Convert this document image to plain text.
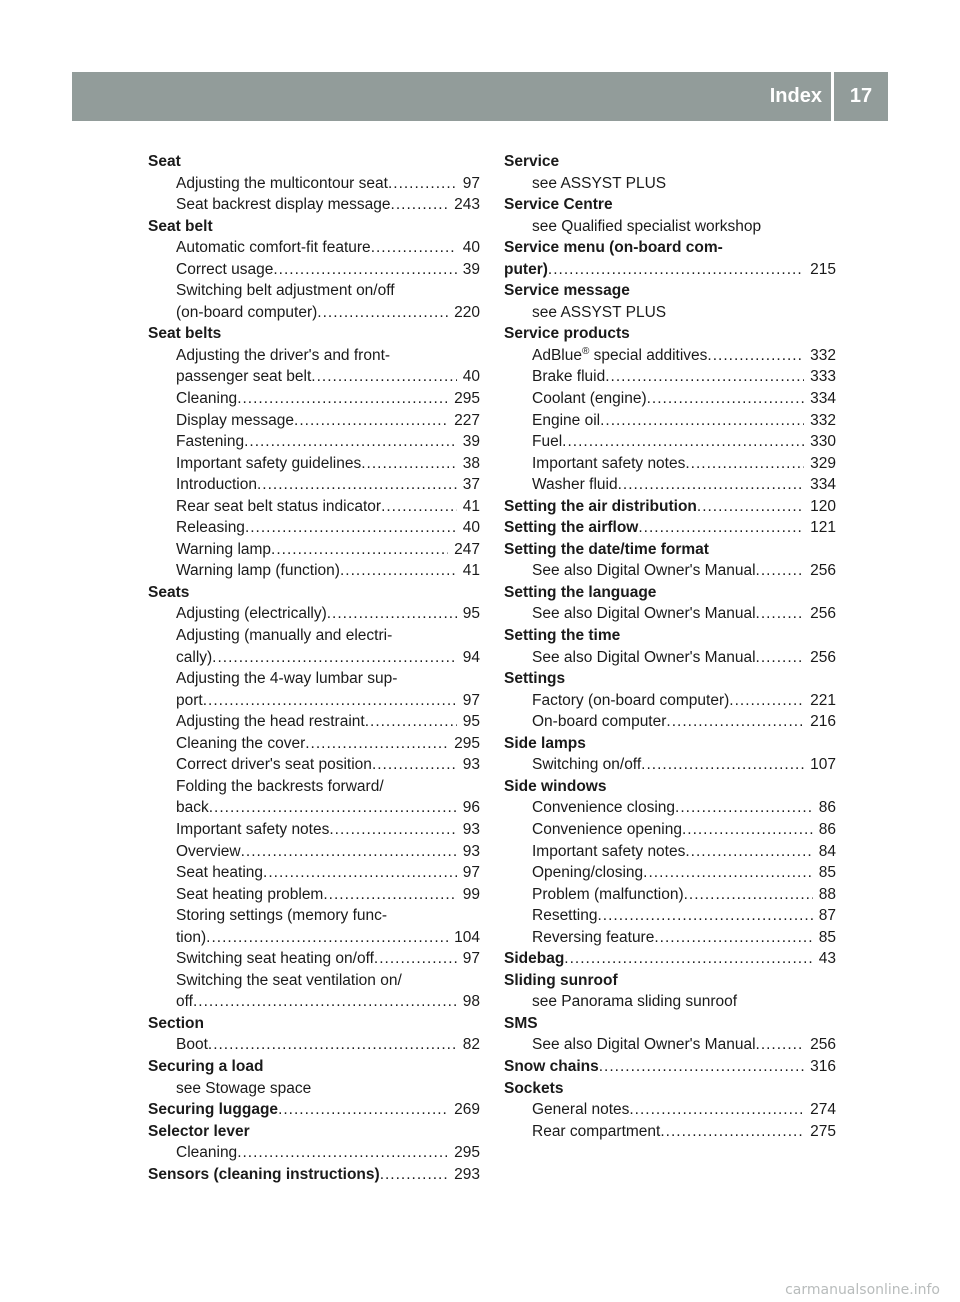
Index	17
Seat
Adjusting the multicontour seat .....	97
Seat backrest display message .....	243
Seat belt
Automatic comfort-fit feature .....	40
Correct usage .....	39
Switching belt adjustment on/off
(on-board computer) .....	220
Seat belts
Adjusting the driver's and front-
passenger seat belt .....	40
Cleaning .....	295
Display message .....	227
Fastening .....	39
Important safety guidelines .....	38
Introduction .....	37
Rear seat belt status indicator .....	41
Releasing .....	40
Warning lamp .....	247
Warning lamp (function) .....	41
Seats
Adjusting (electrically) .....	95
Adjusting (manually and electri-
cally) .....	94
Adjusting the 4-way lumbar sup-
port .....	97
Adjusting the head restraint .....	95
Cleaning the cover .....	295
Correct driver's seat position .....	93
Folding the backrests forward/
back .....	96
Important safety notes .....	93
Overview .....	93
Seat heating .....	97
Seat heating problem .....	99
Storing settings (memory func-
tion) .....	104
Switching seat heating on/off .....	97
Switching the seat ventilation on/
off .....	98
Section
Boot .....	82
Securing a load
see Stowage space
Securing luggage .....	269
Selector lever
Cleaning .....	295
Sensors (cleaning instructions) .....	293
Service
see ASSYST PLUS
Service Centre
see Qualified specialist workshop
Service menu (on-board com-
puter) .....	215
Service message
see ASSYST PLUS
Service products
AdBlue® special additives .....	332
Brake fluid .....	333
Coolant (engine) .....	334
Engine oil .....	332
Fuel .....	330
Important safety notes .....	329
Washer fluid .....	334
Setting the air distribution .....	120
Setting the airflow .....	121
Setting the date/time format
See also Digital Owner's Manual .....	256
Setting the language
See also Digital Owner's Manual .....	256
Setting the time
See also Digital Owner's Manual .....	256
Settings
Factory (on-board computer) .....	221
On-board computer .....	216
Side lamps
Switching on/off .....	107
Side windows
Convenience closing .....	86
Convenience opening .....	86
Important safety notes .....	84
Opening/closing .....	85
Problem (malfunction) .....	88
Resetting .....	87
Reversing feature .....	85
Sidebag .....	43
Sliding sunroof
see Panorama sliding sunroof
SMS
See also Digital Owner's Manual .....	256
Snow chains .....	316
Sockets
General notes .....	274
Rear compartment .....	275
carmanualsonline.info
